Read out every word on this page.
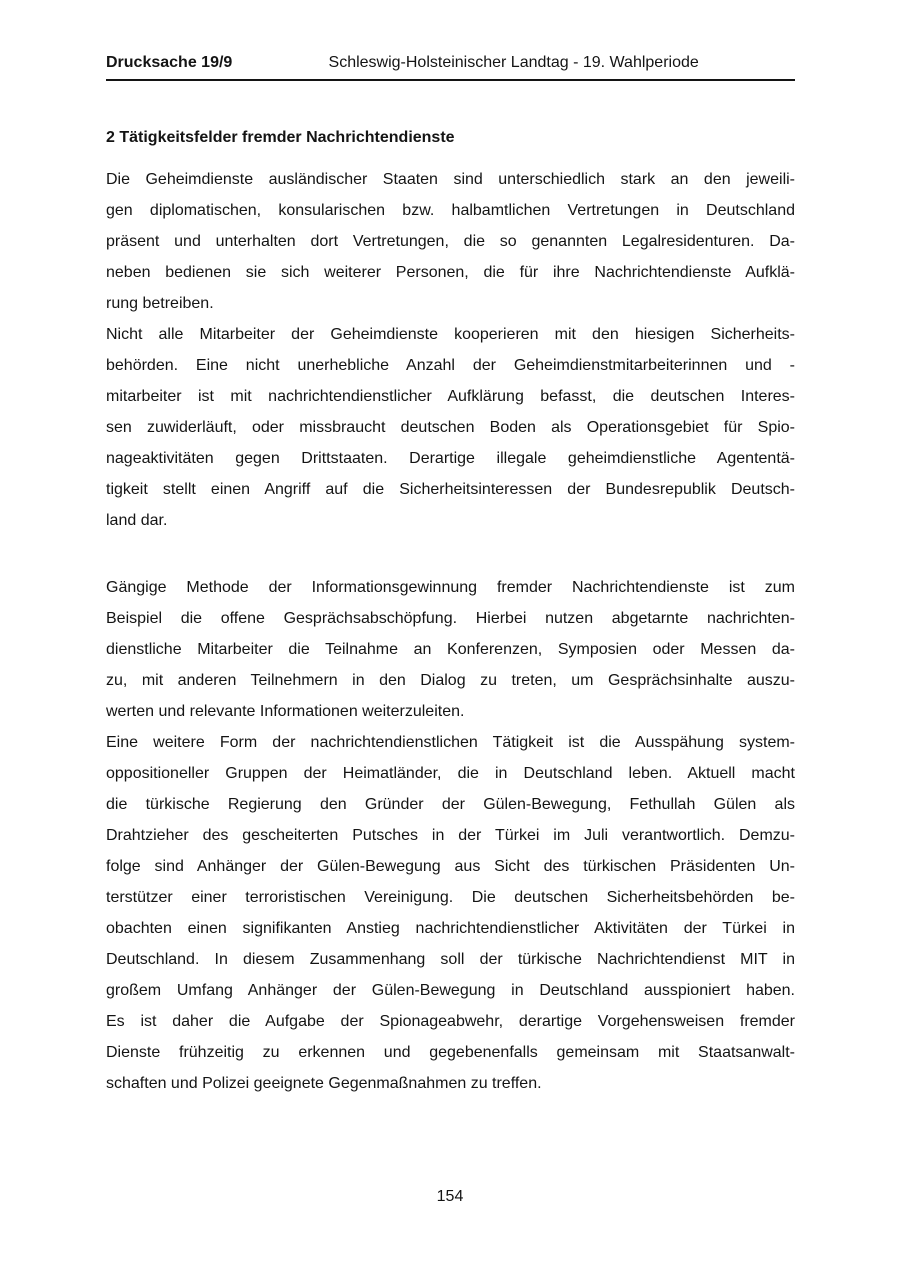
Drucksache 19/9	Schleswig-Holsteinischer Landtag - 19. Wahlperiode
2 Tätigkeitsfelder fremder Nachrichtendienste
Die Geheimdienste ausländischer Staaten sind unterschiedlich stark an den jeweili-
gen diplomatischen, konsularischen bzw. halbamtlichen Vertretungen in Deutschland
präsent und unterhalten dort Vertretungen, die so genannten Legalresidenturen. Da-
neben bedienen sie sich weiterer Personen, die für ihre Nachrichtendienste Aufklä-
rung betreiben.
Nicht alle Mitarbeiter der Geheimdienste kooperieren mit den hiesigen Sicherheits-
behörden. Eine nicht unerhebliche Anzahl der Geheimdienstmitarbeiterinnen und -
mitarbeiter ist mit nachrichtendienstlicher Aufklärung befasst, die deutschen Interes-
sen zuwiderläuft, oder missbraucht deutschen Boden als Operationsgebiet für Spio-
nageaktivitäten gegen Drittstaaten. Derartige illegale geheimdienstliche Agententä-
tigkeit stellt einen Angriff auf die Sicherheitsinteressen der Bundesrepublik Deutsch-
land dar.
Gängige Methode der Informationsgewinnung fremder Nachrichtendienste ist zum
Beispiel die offene Gesprächsabschöpfung. Hierbei nutzen abgetarnte nachrichten-
dienstliche Mitarbeiter die Teilnahme an Konferenzen, Symposien oder Messen da-
zu, mit anderen Teilnehmern in den Dialog zu treten, um Gesprächsinhalte auszu-
werten und relevante Informationen weiterzuleiten.
Eine weitere Form der nachrichtendienstlichen Tätigkeit ist die Ausspähung system-
oppositioneller Gruppen der Heimatländer, die in Deutschland leben. Aktuell macht
die türkische Regierung den Gründer der Gülen-Bewegung, Fethullah Gülen als
Drahtzieher des gescheiterten Putsches in der Türkei im Juli verantwortlich. Demzu-
folge sind Anhänger der Gülen-Bewegung aus Sicht des türkischen Präsidenten Un-
terstützer einer terroristischen Vereinigung. Die deutschen Sicherheitsbehörden be-
obachten einen signifikanten Anstieg nachrichtendienstlicher Aktivitäten der Türkei in
Deutschland. In diesem Zusammenhang soll der türkische Nachrichtendienst MIT in
großem Umfang Anhänger der Gülen-Bewegung in Deutschland ausspioniert haben.
Es ist daher die Aufgabe der Spionageabwehr, derartige Vorgehensweisen fremder
Dienste frühzeitig zu erkennen und gegebenenfalls gemeinsam mit Staatsanwalt-
schaften und Polizei geeignete Gegenmaßnahmen zu treffen.
154
